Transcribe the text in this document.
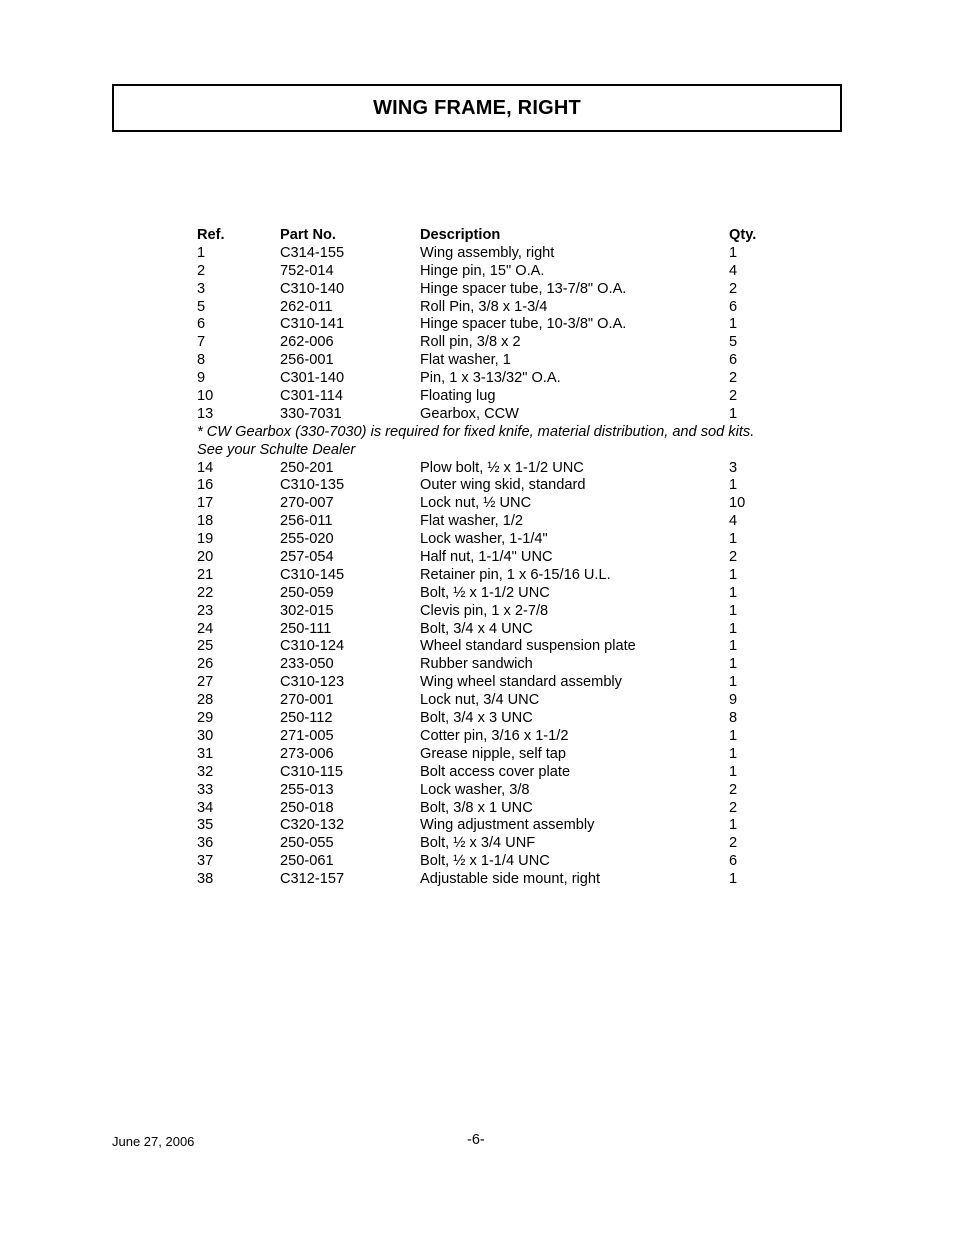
WING FRAME, RIGHT
Ref.	Part No.	Description	Qty.
1	C314-155	Wing assembly, right	1
2	752-014	Hinge pin, 15" O.A.	4
3	C310-140	Hinge spacer tube, 13-7/8" O.A.	2
5	262-011	Roll Pin, 3/8 x 1-3/4	6
6	C310-141	Hinge spacer tube, 10-3/8" O.A.	1
7	262-006	Roll pin, 3/8 x 2	5
8	256-001	Flat washer, 1	6
9	C301-140	Pin, 1 x 3-13/32" O.A.	2
10	C301-114	Floating lug	2
13	330-7031	Gearbox, CCW	1
* CW Gearbox (330-7030) is required for fixed knife, material distribution, and sod kits.
See your Schulte Dealer
14	250-201	Plow bolt, ½ x 1-1/2 UNC	3
16	C310-135	Outer wing skid, standard	1
17	270-007	Lock nut, ½ UNC	10
18	256-011	Flat washer, 1/2	4
19	255-020	Lock washer, 1-1/4"	1
20	257-054	Half nut, 1-1/4" UNC	2
21	C310-145	Retainer pin, 1 x 6-15/16 U.L.	1
22	250-059	Bolt, ½ x 1-1/2 UNC	1
23	302-015	Clevis pin, 1 x 2-7/8	1
24	250-111	Bolt, 3/4 x 4 UNC	1
25	C310-124	Wheel standard suspension plate	1
26	233-050	Rubber sandwich	1
27	C310-123	Wing wheel standard assembly	1
28	270-001	Lock nut, 3/4 UNC	9
29	250-112	Bolt, 3/4 x 3 UNC	8
30	271-005	Cotter pin, 3/16 x 1-1/2	1
31	273-006	Grease nipple, self tap	1
32	C310-115	Bolt access cover plate	1
33	255-013	Lock washer, 3/8	2
34	250-018	Bolt, 3/8 x 1 UNC	2
35	C320-132	Wing adjustment assembly	1
36	250-055	Bolt, ½ x 3/4 UNF	2
37	250-061	Bolt, ½ x 1-1/4 UNC	6
38	C312-157	Adjustable side mount, right	1
June 27, 2006	-6-
